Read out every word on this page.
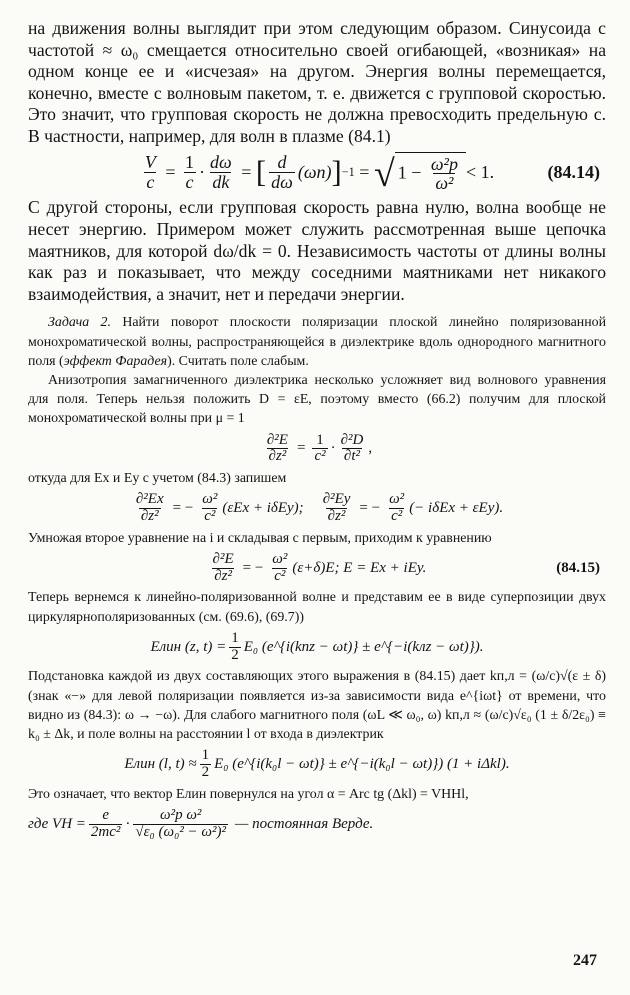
на движения волны выглядит при этом следующим образом. Синусоида с частотой ≈ ω₀ смещается относительно своей огибающей, «возникая» на одном конце ее и «исчезая» на другом. Энергия волны перемещается, конечно, вместе с волновым пакетом, т. е. движется с групповой скоростью. Это значит, что групповая скорость не должна превосходить предельную c. В частности, например, для волн в плазме (84.1)

$\frac{V}{c} = \frac{1}{c} \cdot \frac{d\omega}{dk}$ = [ $\frac{d}{d\omega} (\omega n)$ ] −1 = √ $1 - \frac{\text{ω²p}}{\text{ω²}} < 1$.	(84.14)

С другой стороны, если групповая скорость равна нулю, волна вообще не несет энергию. Примером может служить рассмотренная выше цепочка маятников, для которой dω/dk = 0. Независимость частоты от длины волны как раз и показывает, что между соседними маятниками нет никакого взаимодействия, а значит, нет и передачи энергии.

Задача 2. Найти поворот плоскости поляризации плоской линейно поляризованной монохроматической волны, распространяющейся в диэлектрике вдоль однородного магнитного поля (эффект Фарадея). Считать поле слабым.

Анизотропия замагниченного диэлектрика несколько усложняет вид волнового уравнения для поля. Теперь нельзя положить D = εE, поэтому вместо (66.2) получим для плоской монохроматической волны при μ = 1

$\frac{\text{∂²E}}{\text{∂z²}} = \frac{1}{\text{c²}} \cdot \frac{\text{∂²D}}{\text{∂t²}}$ ,

откуда для Ex и Ey с учетом (84.3) запишем

$\frac{\text{∂²Ex}}{\text{∂z²}}$ = − $\frac{\text{ω²}}{\text{c²}} (\varepsilon Ex + i\delta Ey)$; $\frac{\text{∂²Ey}}{\text{∂z²}}$ = − $\frac{\text{ω²}}{\text{c²}}$ (− iδEx + εEy).

Умножая второе уравнение на i и складывая с первым, приходим к уравнению

$\frac{\text{∂²E}}{\text{∂z²}}$ = − $\frac{\text{ω²}}{\text{c²}} (\varepsilon+\delta)E$; E = Ex + iEy.	(84.15)

Теперь вернемся к линейно-поляризованной волне и представим ее в виде суперпозиции двух циркулярнополяризованных (см. (69.6), (69.7))

Eлин (z, $t) = \frac{1}{2} E_0$ (e^{i(kпz − ωt)} ± e^{−i(kлz − ωt)}).

Подстановка каждой из двух составляющих этого выражения в (84.15) дает kп,л = (ω/c)√(ε ± δ) (знак «−» для левой поляризации появляется из-за зависимости вида e^{iωt} от времени, что видно из (84.3): ω → −ω). Для слабого магнитного поля (ωL ≪ ω₀, ω) kп,л ≈ (ω/c)√ε₀ (1 ± δ/2ε₀) ≡ k₀ ± Δk, и поле волны на расстоянии l от входа в диэлектрик

Eлин (l, $t) \approx \frac{1}{2} E_0$ (e^{i(k₀l − ωt)} ± e^{−i(k₀l − ωt)}) (1 + iΔkl).

Это означает, что вектор Eлин повернулся на угол α = Arc tg (Δkl) = VHHl,

где VH = $\frac{e}{\text{2mc²}} \cdot \frac{\text{ω²p ω²}}{\text{√ε₀ (ω₀² − ω²)²}}$ — постоянная Верде.
247
